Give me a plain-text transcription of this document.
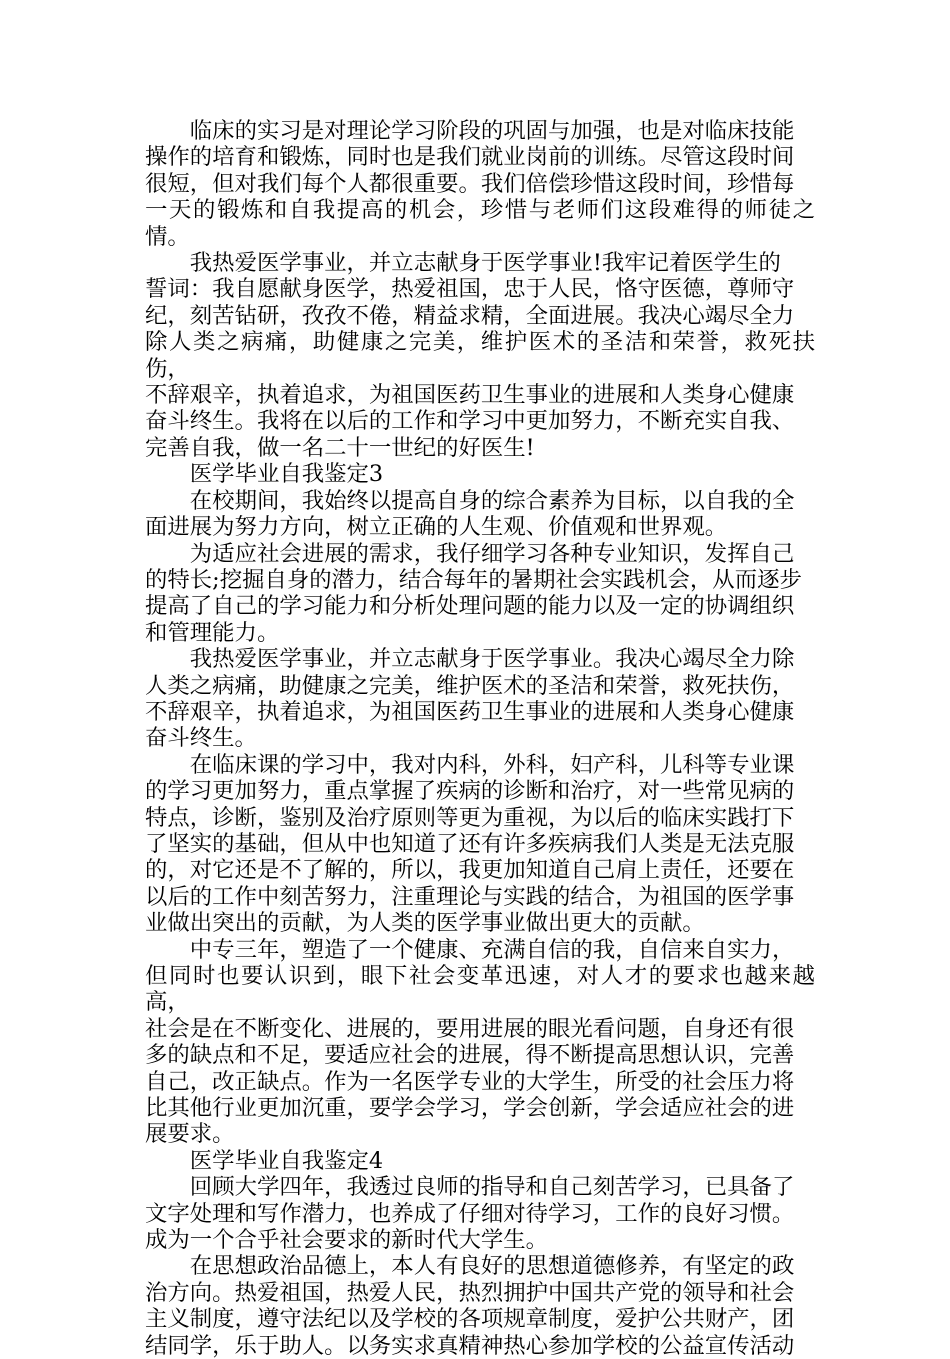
临床的实习是对理论学习阶段的巩固与加强，也是对临床技能
操作的培育和锻炼，同时也是我们就业岗前的训练。尽管这段时间
很短，但对我们每个人都很重要。我们倍偿珍惜这段时间，珍惜每
一天的锻炼和自我提高的机会，珍惜与老师们这段难得的师徒之情。

我热爱医学事业，并立志献身于医学事业!我牢记着医学生的
誓词：我自愿献身医学，热爱祖国，忠于人民，恪守医德，尊师守
纪，刻苦钻研，孜孜不倦，精益求精，全面进展。我决心竭尽全力
除人类之病痛，助健康之完美，维护医术的圣洁和荣誉，救死扶伤，
不辞艰辛，执着追求，为祖国医药卫生事业的进展和人类身心健康
奋斗终生。我将在以后的工作和学习中更加努力，不断充实自我、
完善自我，做一名二十一世纪的好医生!

医学毕业自我鉴定3

在校期间，我始终以提高自身的综合素养为目标，以自我的全
面进展为努力方向，树立正确的人生观、价值观和世界观。

为适应社会进展的需求，我仔细学习各种专业知识，发挥自己
的特长;挖掘自身的潜力，结合每年的暑期社会实践机会，从而逐步
提高了自己的学习能力和分析处理问题的能力以及一定的协调组织
和管理能力。

我热爱医学事业，并立志献身于医学事业。我决心竭尽全力除
人类之病痛，助健康之完美，维护医术的圣洁和荣誉，救死扶伤，
不辞艰辛，执着追求，为祖国医药卫生事业的进展和人类身心健康
奋斗终生。

在临床课的学习中，我对内科，外科，妇产科，儿科等专业课
的学习更加努力，重点掌握了疾病的诊断和治疗，对一些常见病的
特点，诊断，鉴别及治疗原则等更为重视，为以后的临床实践打下
了坚实的基础，但从中也知道了还有许多疾病我们人类是无法克服
的，对它还是不了解的，所以，我更加知道自己肩上责任，还要在
以后的工作中刻苦努力，注重理论与实践的结合，为祖国的医学事
业做出突出的贡献，为人类的医学事业做出更大的贡献。

中专三年，塑造了一个健康、充满自信的我，自信来自实力，
但同时也要认识到，眼下社会变革迅速，对人才的要求也越来越高，
社会是在不断变化、进展的，要用进展的眼光看问题，自身还有很
多的缺点和不足，要适应社会的进展，得不断提高思想认识，完善
自己，改正缺点。作为一名医学专业的大学生，所受的社会压力将
比其他行业更加沉重，要学会学习，学会创新，学会适应社会的进
展要求。

医学毕业自我鉴定4

回顾大学四年，我透过良师的指导和自己刻苦学习，已具备了
文字处理和写作潜力，也养成了仔细对待学习，工作的良好习惯。
成为一个合乎社会要求的新时代大学生。

在思想政治品德上，本人有良好的思想道德修养，有坚定的政
治方向。热爱祖国，热爱人民，热烈拥护中国共产党的领导和社会
主义制度，遵守法纪以及学校的各项规章制度，爱护公共财产，团
结同学，乐于助人。以务实求真精神热心参加学校的公益宣传活动
